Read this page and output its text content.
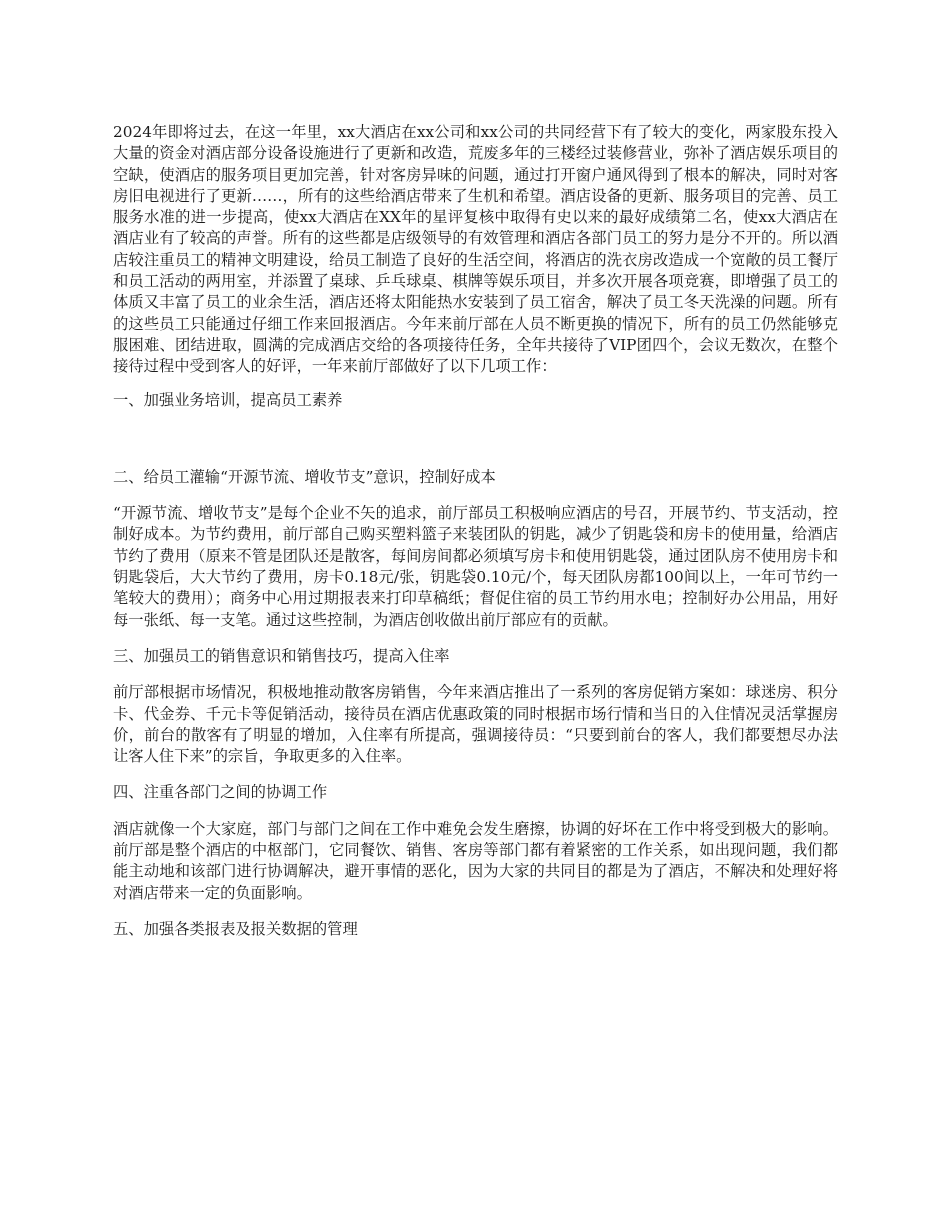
2024年即将过去，在这一年里，xx大酒店在xx公司和xx公司的共同经营下有了较大的变化，两家股东投入大量的资金对酒店部分设备设施进行了更新和改造，荒废多年的三楼经过装修营业，弥补了酒店娱乐项目的空缺，使酒店的服务项目更加完善，针对客房异味的问题，通过打开窗户通风得到了根本的解决，同时对客房旧电视进行了更新……，所有的这些给酒店带来了生机和希望。酒店设备的更新、服务项目的完善、员工服务水准的进一步提高，使xx大酒店在XX年的星评复核中取得有史以来的最好成绩第二名，使xx大酒店在酒店业有了较高的声誉。所有的这些都是店级领导的有效管理和酒店各部门员工的努力是分不开的。所以酒店较注重员工的精神文明建设，给员工制造了良好的生活空间，将酒店的洗衣房改造成一个宽敞的员工餐厅和员工活动的两用室，并添置了桌球、乒乓球桌、棋牌等娱乐项目，并多次开展各项竞赛，即增强了员工的体质又丰富了员工的业余生活，酒店还将太阳能热水安装到了员工宿舍，解决了员工冬天洗澡的问题。所有的这些员工只能通过仔细工作来回报酒店。今年来前厅部在人员不断更换的情况下，所有的员工仍然能够克服困难、团结进取，圆满的完成酒店交给的各项接待任务，全年共接待了VIP团四个，会议无数次，在整个接待过程中受到客人的好评，一年来前厅部做好了以下几项工作：

一、加强业务培训，提高员工素养

二、给员工灌输“开源节流、增收节支”意识，控制好成本

“开源节流、增收节支”是每个企业不矢的追求，前厅部员工积极响应酒店的号召，开展节约、节支活动，控制好成本。为节约费用，前厅部自己购买塑料篮子来装团队的钥匙，减少了钥匙袋和房卡的使用量，给酒店节约了费用（原来不管是团队还是散客，每间房间都必须填写房卡和使用钥匙袋，通过团队房不使用房卡和钥匙袋后，大大节约了费用，房卡0.18元/张，钥匙袋0.10元/个，每天团队房都100间以上，一年可节约一笔较大的费用）；商务中心用过期报表来打印草稿纸；督促住宿的员工节约用水电；控制好办公用品，用好每一张纸、每一支笔。通过这些控制，为酒店创收做出前厅部应有的贡献。

三、加强员工的销售意识和销售技巧，提高入住率

前厅部根据市场情况，积极地推动散客房销售，今年来酒店推出了一系列的客房促销方案如：球迷房、积分卡、代金券、千元卡等促销活动，接待员在酒店优惠政策的同时根据市场行情和当日的入住情况灵活掌握房价，前台的散客有了明显的增加，入住率有所提高，强调接待员：“只要到前台的客人，我们都要想尽办法让客人住下来”的宗旨，争取更多的入住率。

四、注重各部门之间的协调工作

酒店就像一个大家庭，部门与部门之间在工作中难免会发生磨擦，协调的好坏在工作中将受到极大的影响。前厅部是整个酒店的中枢部门，它同餐饮、销售、客房等部门都有着紧密的工作关系，如出现问题，我们都能主动地和该部门进行协调解决，避开事情的恶化，因为大家的共同目的都是为了酒店，不解决和处理好将对酒店带来一定的负面影响。

五、加强各类报表及报关数据的管理
